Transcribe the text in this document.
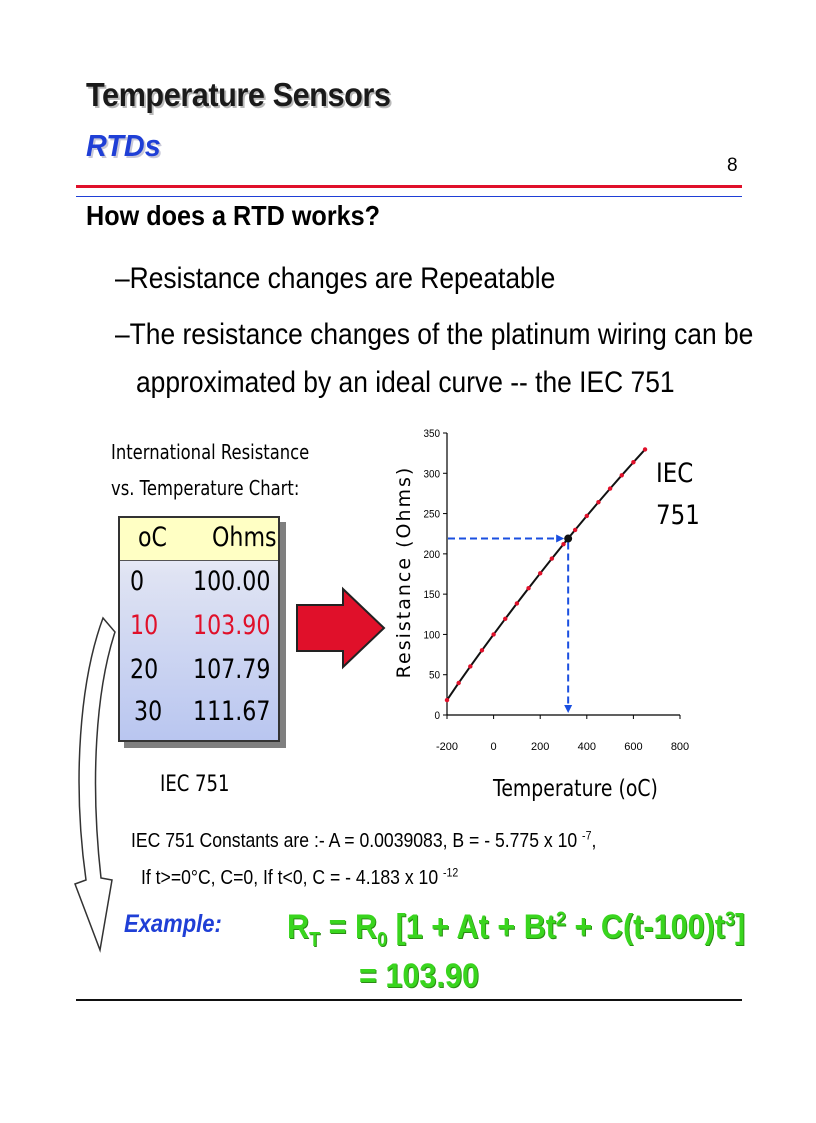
Temperature Sensors
RTDs
8
How does a RTD works?
–Resistance changes are Repeatable
–The resistance changes of the platinum wiring can be
approximated by an ideal curve -- the IEC 751
International Resistance
vs. Temperature Chart:
oC Ohms
0 100.00
10 103.90
20 107.79
30 111.67
IEC 751
0
50
100
150
200
250
300
350
-200	0	200	400	600	800
Resistance (Ohms)
Temperature (oC)
IEC
751
IEC 751 Constants are :- A = 0.0039083, B = - 5.775 x 10 $^{-7}$,
If t>=0°C, C=0, If t<0, C = - 4.183 x 10 $^{-12}$
Example: $R_T = R_0$ $[1 + At + Bt^2 + C(t-100)t^3]$
= 103.90
